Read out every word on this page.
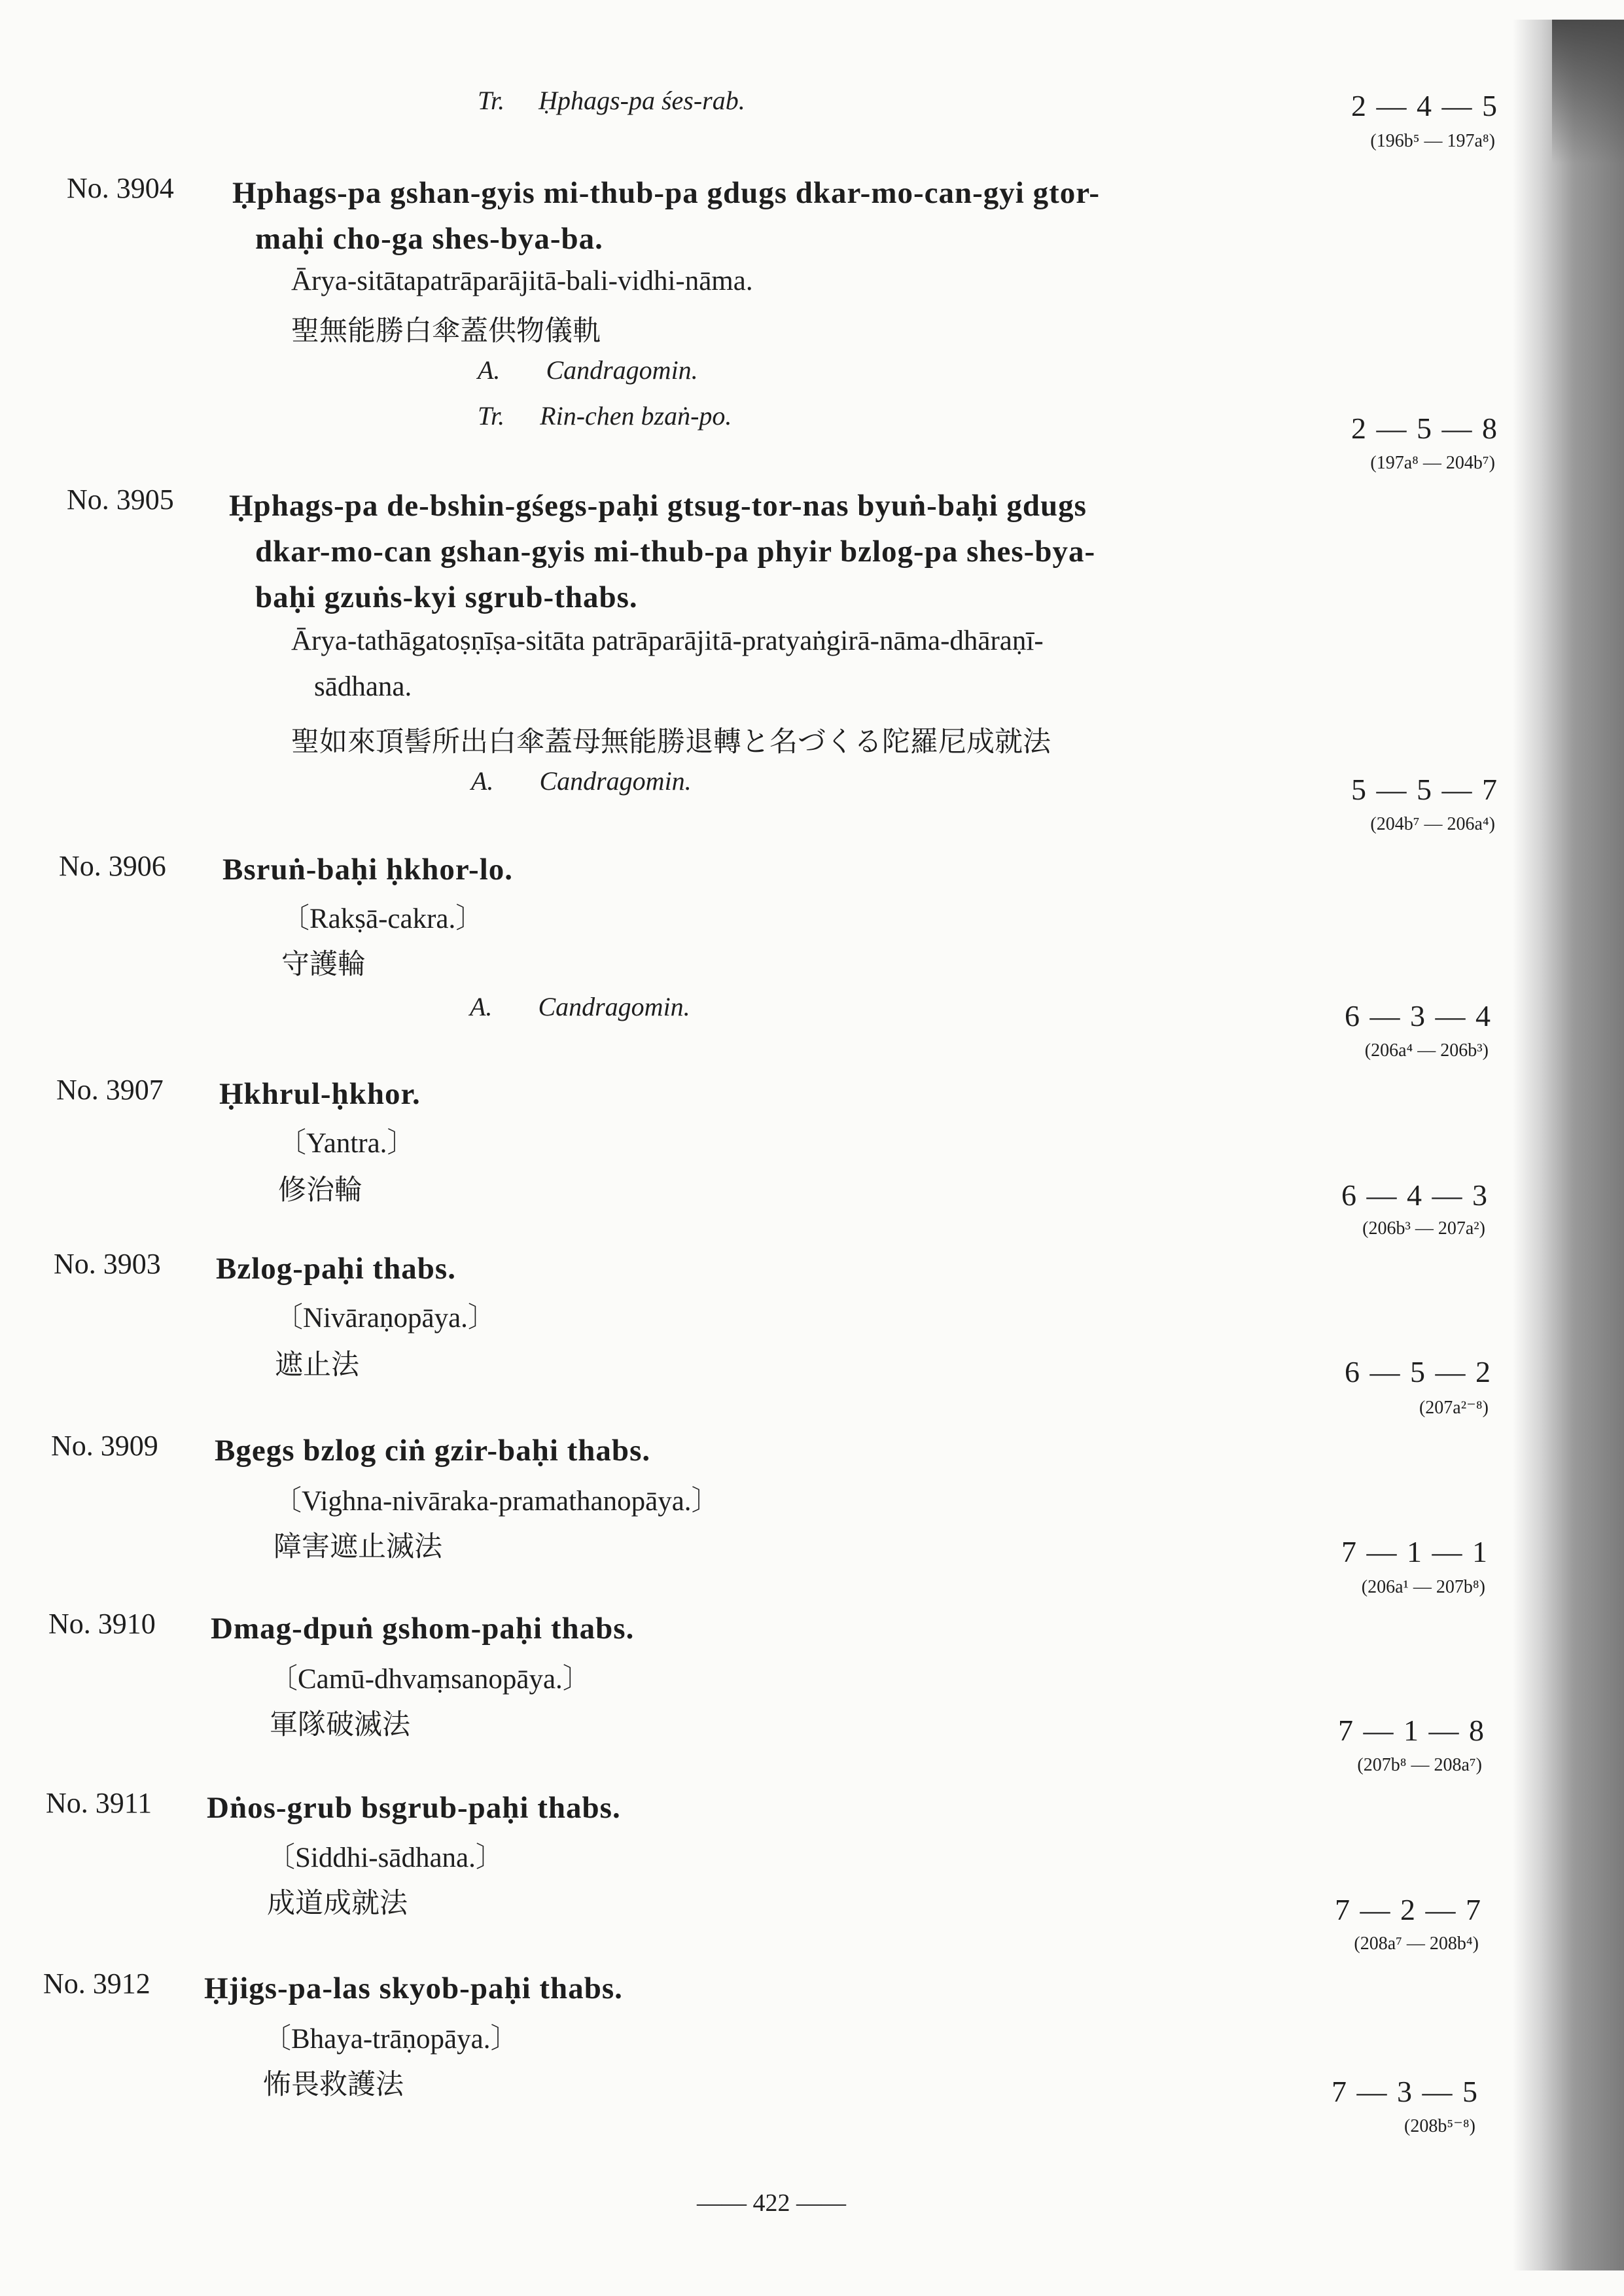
Tr. Ḥphags-pa śes-rab.	2 — 4 — 5
(196b⁵ — 197a⁸)
No. 3904 Ḥphags-pa gshan-gyis mi-thub-pa gdugs dkar-mo-can-gyi gtor-
maḥi cho-ga shes-bya-ba.
Ārya-sitātapatrāparājitā-bali-vidhi-nāma.
聖無能勝白傘蓋供物儀軌
A. Candragomin.
Tr. Rin-chen bzaṅ-po.	2 — 5 — 8
(197a⁸ — 204b⁷)
No. 3905 Ḥphags-pa de-bshin-gśegs-paḥi gtsug-tor-nas byuṅ-baḥi gdugs
dkar-mo-can gshan-gyis mi-thub-pa phyir bzlog-pa shes-bya-
baḥi gzuṅs-kyi sgrub-thabs.
Ārya-tathāgatoṣṇīṣa-sitāta patrāparājitā-pratyaṅgirā-nāma-dhāraṇī-
sādhana.
聖如來頂髻所出白傘蓋母無能勝退轉と名づくる陀羅尼成就法
A. Candragomin.	5 — 5 — 7
(204b⁷ — 206a⁴)
No. 3906 Bsruṅ-baḥi ḥkhor-lo.
〔Rakṣā-cakra.〕
守護輪
A. Candragomin.	6 — 3 — 4
(206a⁴ — 206b³)
No. 3907 Ḥkhrul-ḥkhor.
〔Yantra.〕
修治輪	6 — 4 — 3
(206b³ — 207a²)
No. 3903 Bzlog-paḥi thabs.
〔Nivāraṇopāya.〕
遮止法	6 — 5 — 2
(207a²⁻⁸)
No. 3909 Bgegs bzlog ciṅ gzir-baḥi thabs.
〔Vighna-nivāraka-pramathanopāya.〕
障害遮止滅法	7 — 1 — 1
(206a¹ — 207b⁸)
No. 3910 Dmag-dpuṅ gshom-paḥi thabs.
〔Camū-dhvaṃsanopāya.〕
軍隊破滅法	7 — 1 — 8
(207b⁸ — 208a⁷)
No. 3911 Dṅos-grub bsgrub-paḥi thabs.
〔Siddhi-sādhana.〕
成道成就法	7 — 2 — 7
(208a⁷ — 208b⁴)
No. 3912 Ḥjigs-pa-las skyob-paḥi thabs.
〔Bhaya-trāṇopāya.〕
怖畏救護法	7 — 3 — 5
(208b⁵⁻⁸)
—— 422 ——
